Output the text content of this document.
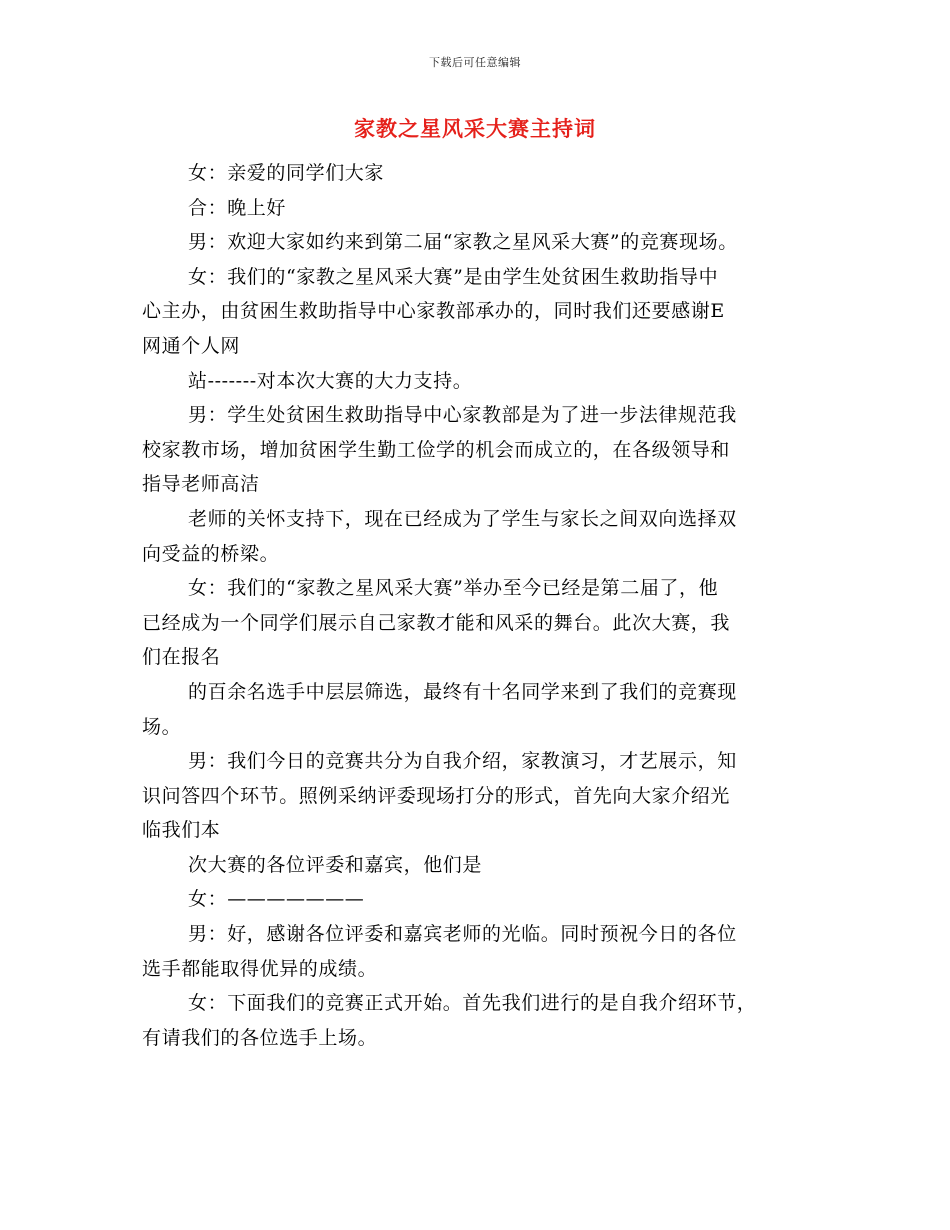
下载后可任意编辑
家教之星风采大赛主持词
女：亲爱的同学们大家
合：晚上好
男：欢迎大家如约来到第二届“家教之星风采大赛”的竞赛现场。
女：我们的“家教之星风采大赛”是由学生处贫困生救助指导中
心主办，由贫困生救助指导中心家教部承办的，同时我们还要感谢E
网通个人网
站-------对本次大赛的大力支持。
男：学生处贫困生救助指导中心家教部是为了进一步法律规范我
校家教市场，增加贫困学生勤工俭学的机会而成立的，在各级领导和
指导老师高洁
老师的关怀支持下，现在已经成为了学生与家长之间双向选择双
向受益的桥梁。
女：我们的“家教之星风采大赛”举办至今已经是第二届了，他
已经成为一个同学们展示自己家教才能和风采的舞台。此次大赛，我
们在报名
的百余名选手中层层筛选，最终有十名同学来到了我们的竞赛现
场。
男：我们今日的竞赛共分为自我介绍，家教演习，才艺展示，知
识问答四个环节。照例采纳评委现场打分的形式，首先向大家介绍光
临我们本
次大赛的各位评委和嘉宾，他们是
女：———————
男：好，感谢各位评委和嘉宾老师的光临。同时预祝今日的各位
选手都能取得优异的成绩。
女：下面我们的竞赛正式开始。首先我们进行的是自我介绍环节，
有请我们的各位选手上场。
